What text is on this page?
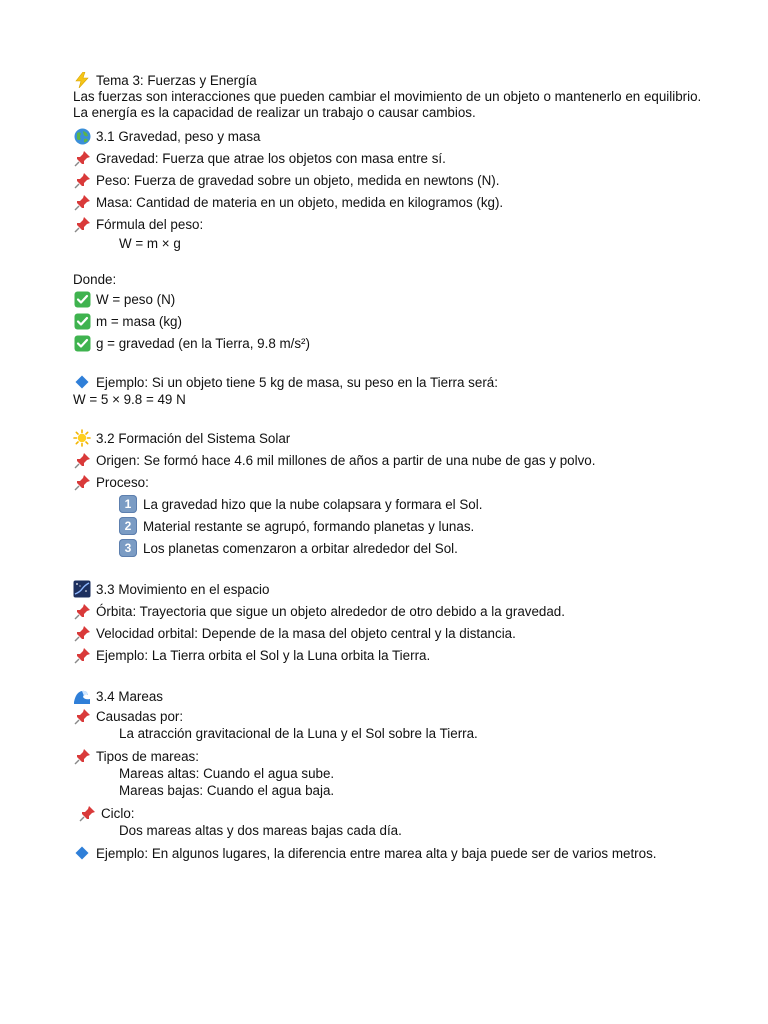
Tema 3: Fuerzas y Energía
Las fuerzas son interacciones que pueden cambiar el movimiento de un objeto o mantenerlo en equilibrio. La energía es la capacidad de realizar un trabajo o causar cambios.
3.1 Gravedad, peso y masa
Gravedad: Fuerza que atrae los objetos con masa entre sí.
Peso: Fuerza de gravedad sobre un objeto, medida en newtons (N).
Masa: Cantidad de materia en un objeto, medida en kilogramos (kg).
Fórmula del peso:
W = m × g
Donde:
W = peso (N)
m = masa (kg)
g = gravedad (en la Tierra, 9.8 m/s²)
Ejemplo: Si un objeto tiene 5 kg de masa, su peso en la Tierra será:
W = 5 × 9.8 = 49 N
3.2 Formación del Sistema Solar
Origen: Se formó hace 4.6 mil millones de años a partir de una nube de gas y polvo.
Proceso:
1 La gravedad hizo que la nube colapsara y formara el Sol.
2 Material restante se agrupó, formando planetas y lunas.
3 Los planetas comenzaron a orbitar alrededor del Sol.
3.3 Movimiento en el espacio
Órbita: Trayectoria que sigue un objeto alrededor de otro debido a la gravedad.
Velocidad orbital: Depende de la masa del objeto central y la distancia.
Ejemplo: La Tierra orbita el Sol y la Luna orbita la Tierra.
3.4 Mareas
Causadas por:
La atracción gravitacional de la Luna y el Sol sobre la Tierra.
Tipos de mareas:
Mareas altas: Cuando el agua sube.
Mareas bajas: Cuando el agua baja.
Ciclo:
Dos mareas altas y dos mareas bajas cada día.
Ejemplo: En algunos lugares, la diferencia entre marea alta y baja puede ser de varios metros.
